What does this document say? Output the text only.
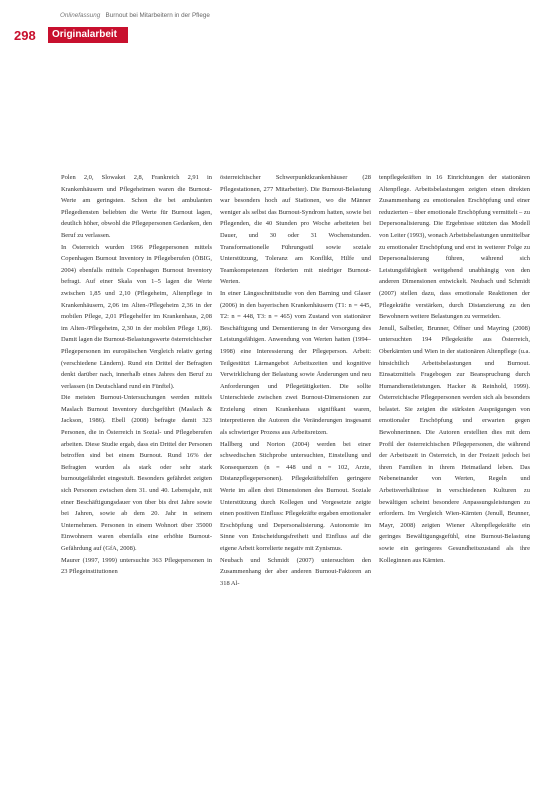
Onlinefassung Burnout bei Mitarbeitern in der Pflege
298	Originalarbeit

Polen 2,0, Slowakei 2,8, Frankreich 2,91 in Krankenhäusern und Pflegeheimen waren die Burnout-Werte am geringsten. Schon die bei ambulanten Pflegediensten beliebten die Werte für Burnout lagen, deutlich höher, obwohl die Pflegepersonen Gedanken, den Beruf zu verlassen.

In Österreich wurden 1966 Pflegepersonen mittels Copenhagen Burnout Inventory in Pflegeberufen (ÖBIG, 2004) ebenfalls mittels Copenhagen Burnout Inventory befragt. Auf einer Skala von 1–5 lagen die Werte zwischen 1,85 und 2,10 (Pflegeheim, Altenpflege in Krankenhäusern, 2,06 im Alten-/Pflegeheim 2,36 in der mobilen Pflege, 2,01 Pflegehelfer im Krankenhaus, 2,08 im Alten-/Pflegeheim, 2,30 in der mobilen Pflege 1,86). Damit lagen die Burnout-Belastungswerte österreichischer Pflegepersonen im europäischen Vergleich relativ gering (verschiedene Ländern). Rund ein Drittel der Befragten denkt darüber nach, innerhalb eines Jahres den Beruf zu verlassen (in Deutschland rund ein Fünftel).

Die meisten Burnout-Untersuchungen werden mittels Maslach Burnout Inventory durchgeführt (Maslach & Jackson, 1986). Ebell (2008) befragte damit 323 Personen, die in Österreich in Sozial- und Pflegeberufen arbeiten. Diese Studie ergab, dass ein Drittel der Personen betroffen sind bei einem Burnout. Rund 16% der Befragten wurden als stark oder sehr stark burnoutgefährdet eingestuft. Besonders gefährdet zeigten sich Personen zwischen dem 31. und 40. Lebensjahr, mit einer Beschäftigungsdauer von über bis drei Jahre sowie bei Jahren, sowie ab dem 20. Jahr in seinem Unternehmen. Personen in einem Wohnort über 35000 Einwohnern waren ebenfalls eine erhöhte Burnout-Gefährdung auf (GfA, 2008).

Maurer (1997, 1999) untersuchte 363 Pflegepersonen in 23 Pflegeinstitutionen

österreichischer Schwerpunktkrankenhäuser (28 Pflegestationen, 277 Mitarbeiter). Die Burnout-Belastung war besonders hoch auf Stationen, wo die Männer weniger als selbst das Burnout-Syndrom hatten, sowie bei Pflegenden, die 40 Stunden pro Woche arbeiteten bei Dauer, und 30 oder 31 Wochenstunden. Transformationelle Führungsstil sowie soziale Unterstützung, Toleranz am Konflikt, Hilfe und Teamkompetenzen förderten mit niedriger Burnout-Werten.

In einer Längsschnittstudie von den Barning und Glaser (2006) in den bayerischen Krankenhäusern (T1: n = 445, T2: n = 448, T3: n = 465) vom Zustand von stationärer Beschäftigung und Dementierung in der Versorgung des Leistungsfähigen. Anwendung von Werten hatten (1994–1998) eine Interessierung der Pflegeperson. Arbeit: Teilgestützt Lärmangebot Arbeitszeiten und kognitive Verwirklichung der Belastung sowie Änderungen und neu Anforderungen und Pflegetätigkeiten. Die sollte Unterschiede zwischen zwei Burnout-Dimensionen zur Erzielung einen Krankenhaus signifikant waren, interpretieren die Autoren die Veränderungen insgesamt als schwieriger Prozess aus Arbeitsreizen.

Hallberg und Norton (2004) werden bei einer schwedischen Stichprobe untersuchten, Einstellung und Konsequenzen (n = 448 und n = 102, Arzte, Distanzpflegepersonen). Pflegekräftehilfen geringere Werte im allen drei Dimensionen des Burnout. Soziale Unterstützung durch Kollegen und Vorgesetzte zeigte einen positiven Einfluss: Pflegekräfte ergaben emotionaler Erschöpfung und Depersonalisierung. Autonomie im Sinne von Entscheidungsfreiheit und Einfluss auf die eigene Arbeit korrelierte negativ mit Zynismus.

Neubach und Schmidt (2007) untersuchten den Zusammenhang der aber anderen Burnout-Faktoren an 318 Al-

tenpflegekräften in 16 Einrichtungen der stationären Altenpflege. Arbeitsbelastungen zeigten einen direkten Zusammenhang zu emotionalen Erschöpfung und einer reduzierten – über emotionale Erschöpfung vermittelt – zu Depersonalisierung. Die Ergebnisse stützten das Modell von Leiter (1993), wonach Arbeitsbelastungen unmittelbar zu emotionaler Erschöpfung und erst in weiterer Folge zu Depersonalisierung führen, während sich Leistungsfähigkeit weitgehend unabhängig von den anderen Dimensionen entwickelt. Neubach und Schmidt (2007) stellen dazu, dass emotionale Reaktionen der Pflegekräfte verstärken, durch Distanzierung zu den Bewohnern weitere Belastungen zu vermeiden.

Jenull, Salbeiler, Brunner, Öffner und Mayring (2008) untersuchten 194 Pflegekräfte aus Österreich, Oberkärnten und Wien in der stationären Altenpflege (u.a. hinsichtlich Arbeitsbelastungen und Burnout. Einsatzmittels Fragebogen zur Beanspruchung durch Humandienstleistungen. Hacker & Reinhold, 1999). Österreichische Pflegepersonen werden sich als besonders belastet. Sie zeigten die stärksten Ausprägungen von emotionaler Erschöpfung und erwarten gegen Bewohnerinnen. Die Autoren erstellten dies mit dem Profil der österreichischen Pflegepersonen, die während der Arbeitszeit in Österreich, in der Freizeit jedoch bei ihren Familien in ihrem Heimatland leben. Das Nebeneinander von Werten, Regeln und Arbeitsverhältnisse in verschiedenen Kulturen zu bewältigen scheint besondere Anpassungsleistungen zu erfordern. Im Vergleich Wien-Kärnten (Jenull, Brunner, Mayr, 2008) zeigten Wiener Altenpflegekräfte ein geringes Bewältigungsgefühl, eine Burnout-Belastung sowie ein geringeres Gesundheitszustand als ihre Kolleginnen aus Kärnten.
